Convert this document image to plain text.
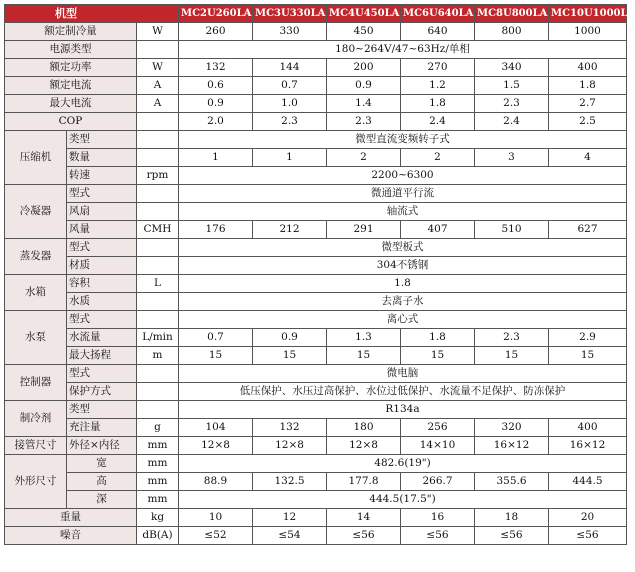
机型			MC2U260LA	MC3U330LA	MC4U450LA	MC6U640LA	MC8U800LA	MC10U1000LA
额定制冷量		W	260	330	450	640	800	1000
电源类型			180~264V/47~63Hz/单相					
额定功率		W	132	144	200	270	340	400
额定电流		A	0.6	0.7	0.9	1.2	1.5	1.8
最大电流		A	0.9	1.0	1.4	1.8	2.3	2.7
COP			2.0	2.3	2.3	2.4	2.4	2.5
压缩机	类型		微型直流变频转子式					
	数量		1	1	2	2	3	4
	转速	rpm	2200~6300					
冷凝器	型式		微通道平行流					
	风扇		轴流式					
	风量	CMH	176	212	291	407	510	627
蒸发器	型式		微型板式					
	材质		304不锈钢					
水箱	容积	L	1.8					
	水质		去离子水					
水泵	型式		离心式					
	水流量	L/min	0.7	0.9	1.3	1.8	2.3	2.9
	最大扬程	m	15	15	15	15	15	15
控制器	型式		微电脑					
	保护方式		低压保护、水压过高保护、水位过低保护、水流量不足保护、防冻保护					
制冷剂	类型		R134a					
	充注量	g	104	132	180	256	320	400
接管尺寸	外径×内径	mm	12×8	12×8	12×8	14×10	16×12	16×12
外形尺寸	宽	mm	482.6(19")					
	高	mm	88.9	132.5	177.8	266.7	355.6	444.5
	深	mm	444.5(17.5")					
重量		kg	10	12	14	16	18	20
噪音		dB(A)	≤52	≤54	≤56	≤56	≤56	≤56
